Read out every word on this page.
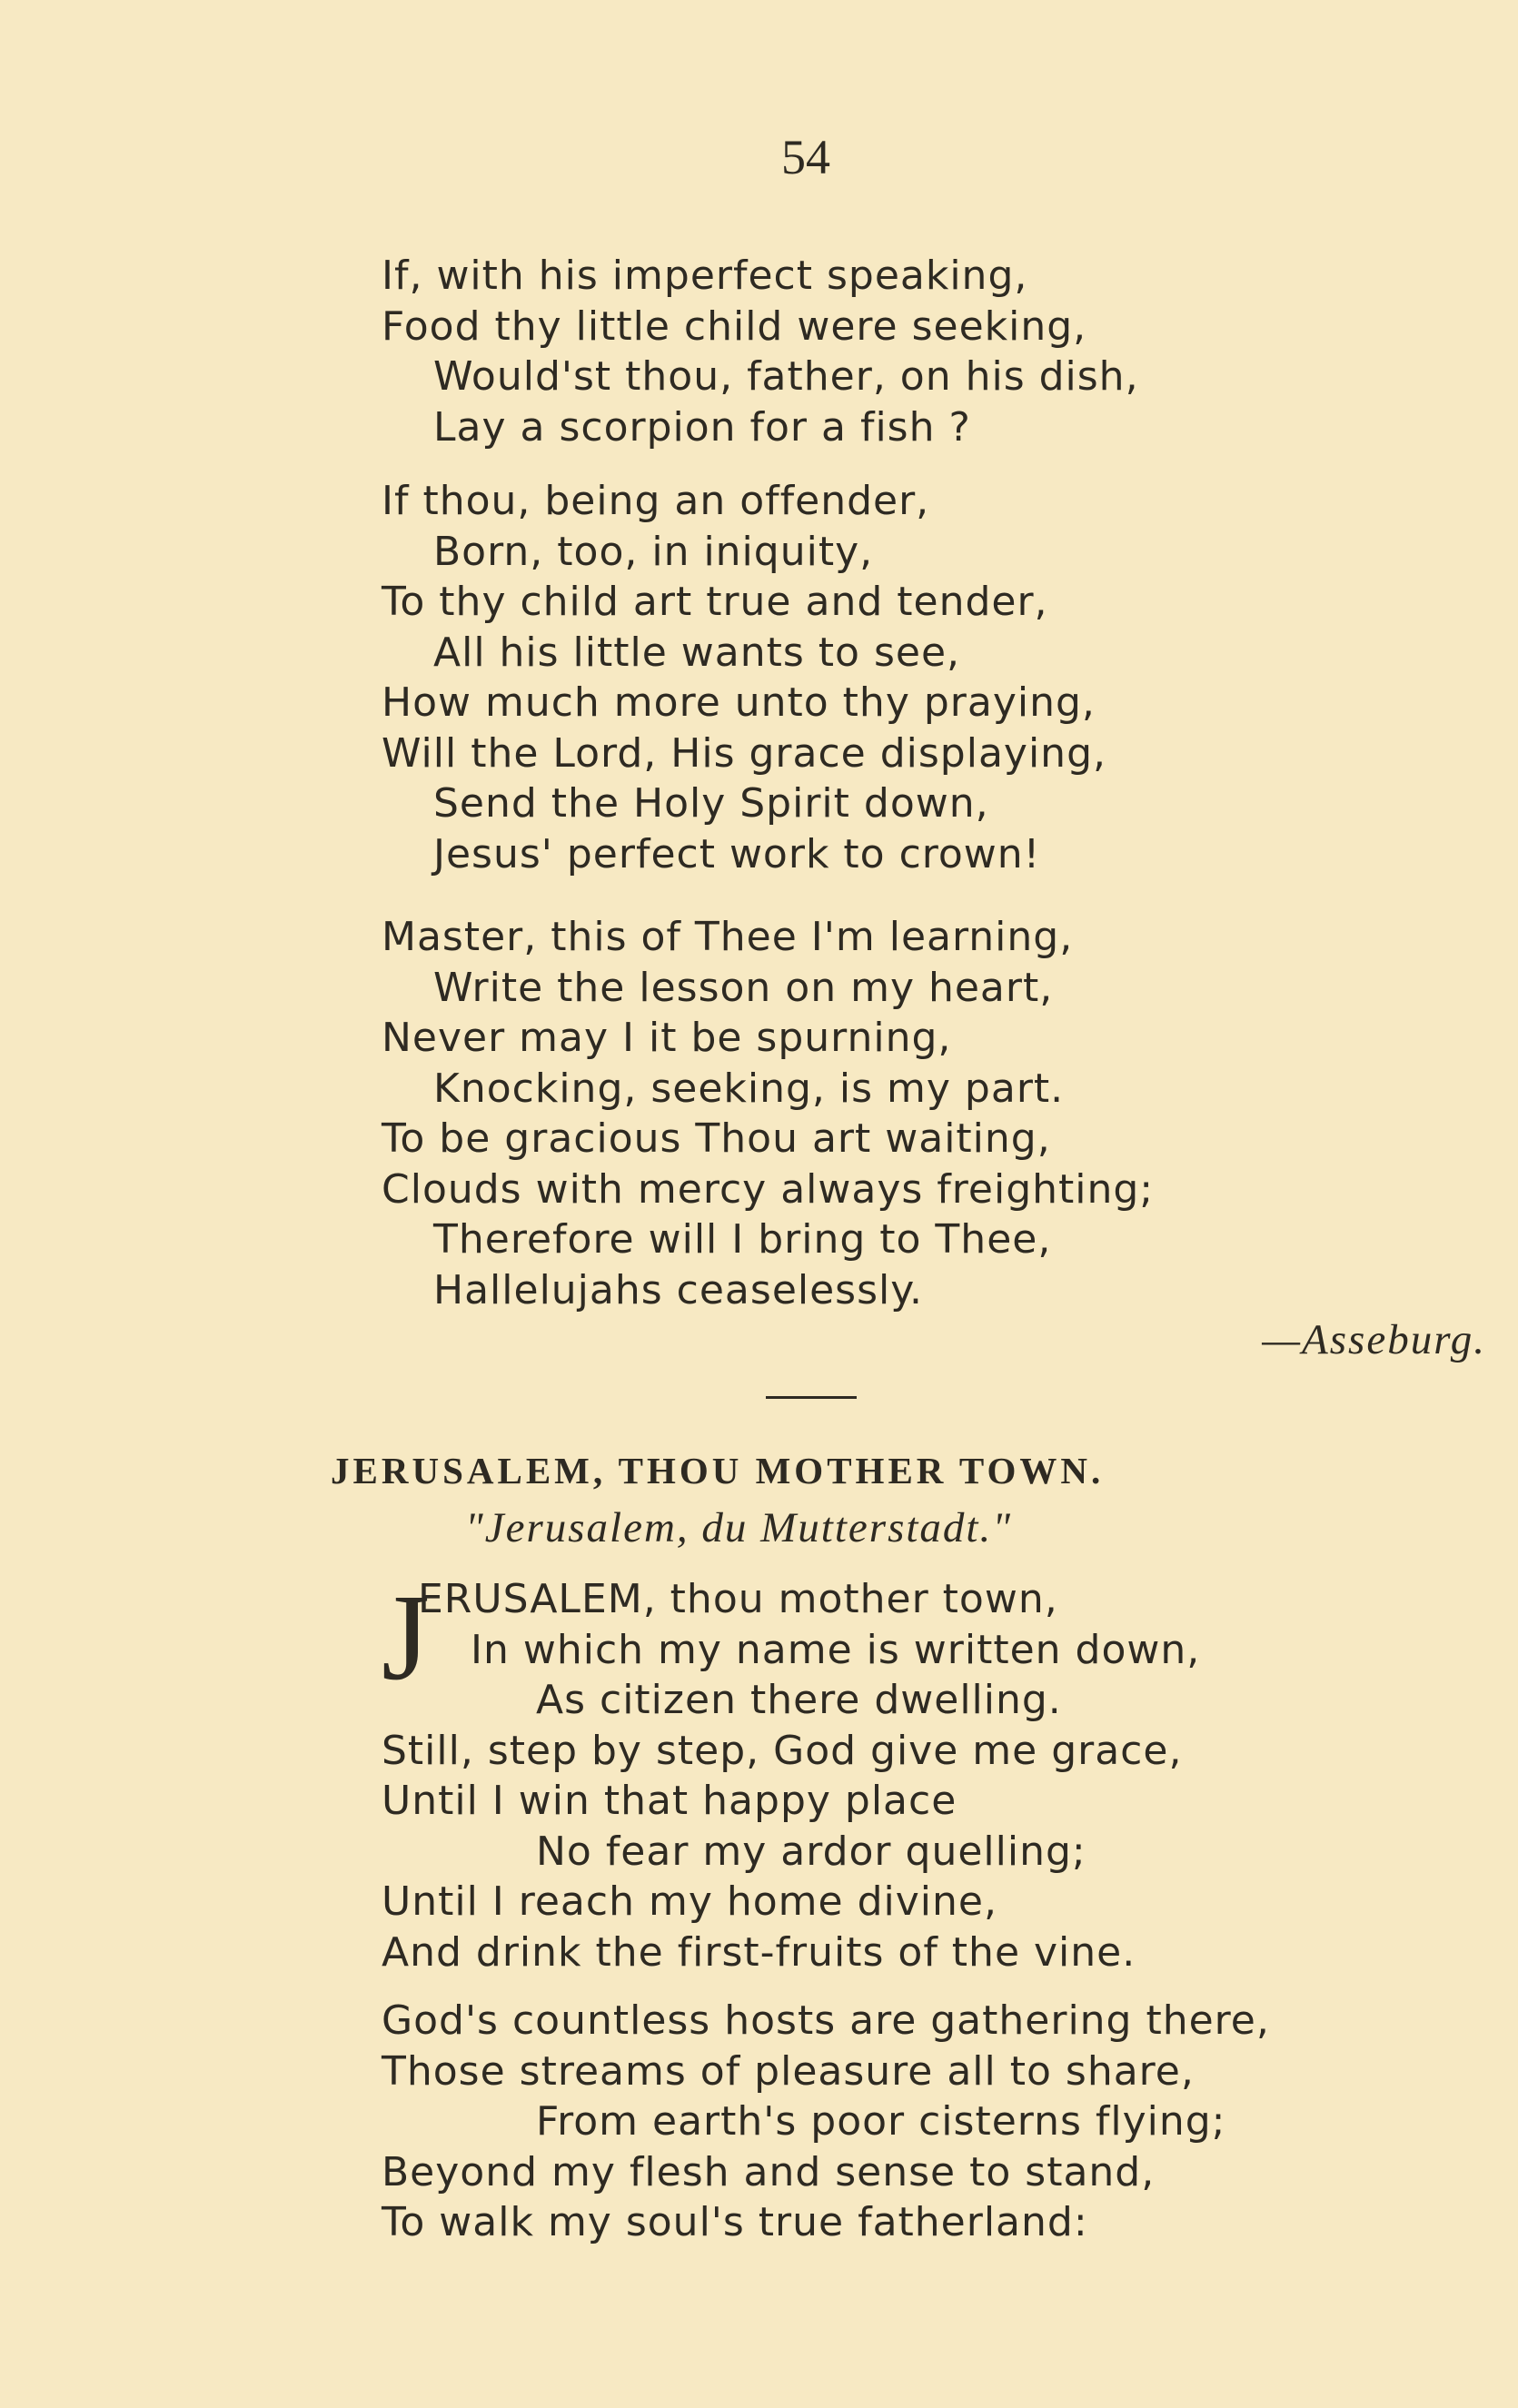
54
If, with his imperfect speaking,
Food thy little child were seeking,
Would'st thou, father, on his dish,
Lay a scorpion for a fish ?
If thou, being an offender,
Born, too, in iniquity,
To thy child art true and tender,
All his little wants to see,
How much more unto thy praying,
Will the Lord, His grace displaying,
Send the Holy Spirit down,
Jesus' perfect work to crown!
Master, this of Thee I'm learning,
Write the lesson on my heart,
Never may I it be spurning,
Knocking, seeking, is my part.
To be gracious Thou art waiting,
Clouds with mercy always freighting;
Therefore will I bring to Thee,
Hallelujahs ceaselessly.
—Asseburg.
JERUSALEM, THOU MOTHER TOWN.
"Jerusalem, du Mutterstadt."
J
ERUSALEM, thou mother town,
In which my name is written down,
As citizen there dwelling.
Still, step by step, God give me grace,
Until I win that happy place
No fear my ardor quelling;
Until I reach my home divine,
And drink the first-fruits of the vine.
God's countless hosts are gathering there,
Those streams of pleasure all to share,
From earth's poor cisterns flying;
Beyond my flesh and sense to stand,
To walk my soul's true fatherland:
